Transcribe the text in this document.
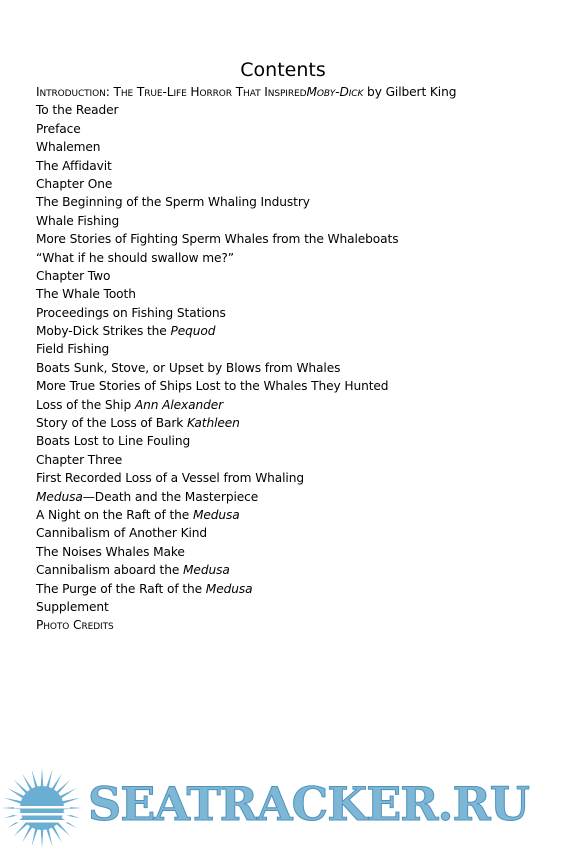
Contents
Introduction: The True-Life Horror That InspiredMoby-Dick by Gilbert King
To the Reader
Preface
Whalemen
The Affidavit
Chapter One
The Beginning of the Sperm Whaling Industry
Whale Fishing
More Stories of Fighting Sperm Whales from the Whaleboats
“What if he should swallow me?”
Chapter Two
The Whale Tooth
Proceedings on Fishing Stations
Moby-Dick Strikes the Pequod
Field Fishing
Boats Sunk, Stove, or Upset by Blows from Whales
More True Stories of Ships Lost to the Whales They Hunted
Loss of the Ship Ann Alexander
Story of the Loss of Bark Kathleen
Boats Lost to Line Fouling
Chapter Three
First Recorded Loss of a Vessel from Whaling
Medusa—Death and the Masterpiece
A Night on the Raft of the Medusa
Cannibalism of Another Kind
The Noises Whales Make
Cannibalism aboard the Medusa
The Purge of the Raft of the Medusa
Supplement
Photo Credits
SEATRACKER.RU
